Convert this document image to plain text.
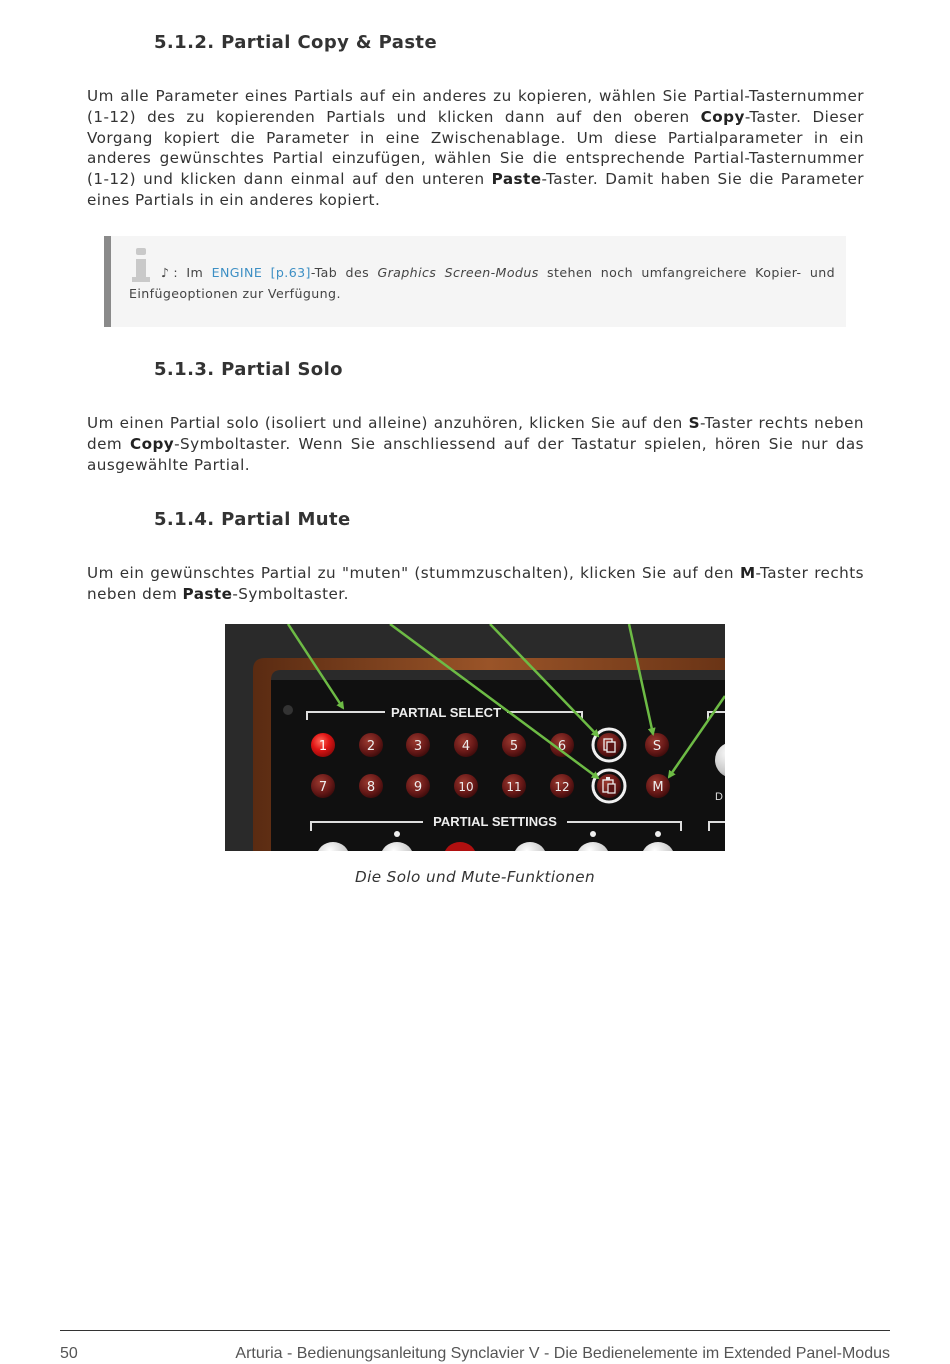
5.1.2. Partial Copy & Paste

Um alle Parameter eines Partials auf ein anderes zu kopieren, wählen Sie Partial-Tasternummer (1-12) des zu kopierenden Partials und klicken dann auf den oberen Copy-Taster. Dieser Vorgang kopiert die Parameter in eine Zwischenablage. Um diese Partialparameter in ein anderes gewünschtes Partial einzufügen, wählen Sie die entsprechende Partial-Tasternummer (1-12) und klicken dann einmal auf den unteren Paste-Taster. Damit haben Sie die Parameter eines Partials in ein anderes kopiert.

♪: Im ENGINE [p.63]-Tab des Graphics Screen-Modus stehen noch umfangreichere Kopier- und Einfügeoptionen zur Verfügung.

5.1.3. Partial Solo

Um einen Partial solo (isoliert und alleine) anzuhören, klicken Sie auf den S-Taster rechts neben dem Copy-Symboltaster. Wenn Sie anschliessend auf der Tastatur spielen, hören Sie nur das ausgewählte Partial.

5.1.4. Partial Mute

Um ein gewünschtes Partial zu "muten" (stummzuschalten), klicken Sie auf den M-Taster rechts neben dem Paste-Symboltaster.

PARTIAL SELECT
1	2	3	4	5	6
7	8	9	10	11	12
S
M
D
PARTIAL SETTINGS

Die Solo und Mute-Funktionen

50	Arturia - Bedienungsanleitung Synclavier V - Die Bedienelemente im Extended Panel-Modus
